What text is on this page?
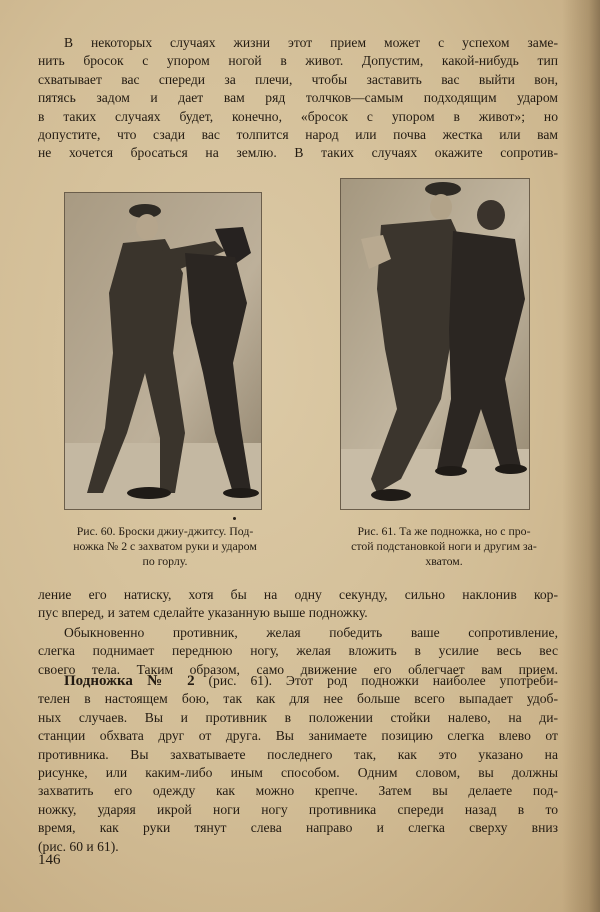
В некоторых случаях жизни этот прием может с успехом заме-
нить бросок с упором ногой в живот. Допустим, какой-нибудь тип
схватывает вас спереди за плечи, чтобы заставить вас выйти вон,
пятясь задом и дает вам ряд толчков—самым подходящим ударом
в таких случаях будет, конечно, «бросок с упором в живот»; но
допустите, что сзади вас толпится народ или почва жестка или вам
не хочется бросаться на землю. В таких случаях окажите сопротив-
Рис. 60. Броски джиу-джитсу. Под-
ножка № 2 с захватом руки и ударом
по горлу.
Рис. 61. Та же подножка, но с про-
стой подстановкой ноги и другим за-
хватом.
ление его натиску, хотя бы на одну секунду, сильно наклонив кор-
пус вперед, и затем сделайте указанную выше подножку.
Обыкновенно противник, желая победить ваше сопротивление,
слегка поднимает переднюю ногу, желая вложить в усилие весь вес
своего тела. Таким образом, само движение его облегчает вам прием.
Подножка № 2 (рис. 61). Этот род подножки наиболее употреби-
телен в настоящем бою, так как для нее больше всего выпадает удоб-
ных случаев. Вы и противник в положении стойки налево, на ди-
станции обхвата друг от друга. Вы занимаете позицию слегка влево от
противника. Вы захватываете последнего так, как это указано на
рисунке, или каким-либо иным способом. Одним словом, вы должны
захватить его одежду как можно крепче. Затем вы делаете под-
ножку, ударяя икрой ноги ногу противника спереди назад в то
время, как руки тянут слева направо и слегка сверху вниз
(рис. 60 и 61).
146
